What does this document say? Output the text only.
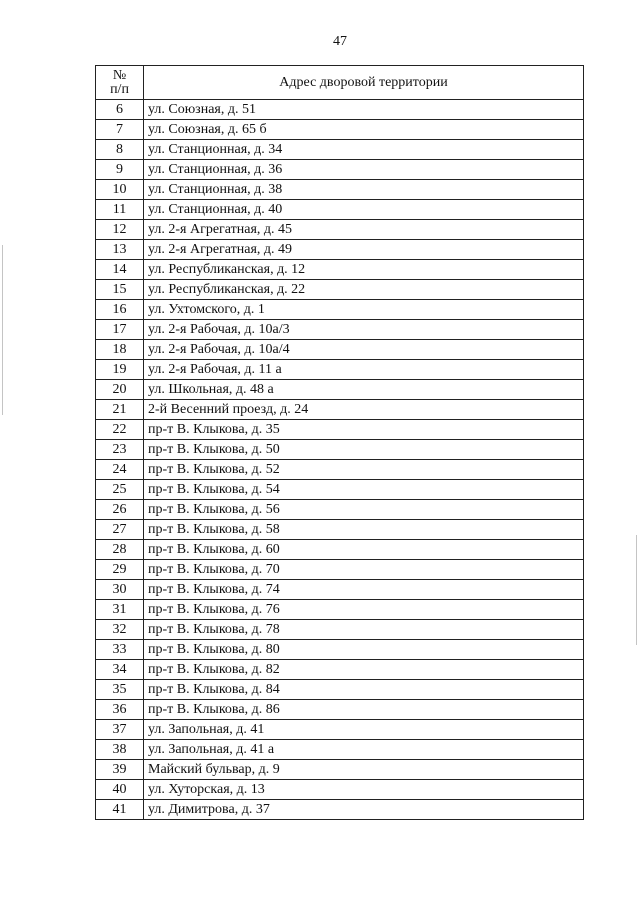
47
№
п/п	Адрес дворовой территории
6	ул. Союзная, д. 51
7	ул. Союзная, д. 65 б
8	ул. Станционная, д. 34
9	ул. Станционная, д. 36
10	ул. Станционная, д. 38
11	ул. Станционная, д. 40
12	ул. 2-я Агрегатная, д. 45
13	ул. 2-я Агрегатная, д. 49
14	ул. Республиканская, д. 12
15	ул. Республиканская, д. 22
16	ул. Ухтомского, д. 1
17	ул. 2-я Рабочая, д. 10а/3
18	ул. 2-я Рабочая, д. 10а/4
19	ул. 2-я Рабочая, д. 11 а
20	ул. Школьная, д. 48 а
21	2-й Весенний проезд, д. 24
22	пр-т В. Клыкова, д. 35
23	пр-т В. Клыкова, д. 50
24	пр-т В. Клыкова, д. 52
25	пр-т В. Клыкова, д. 54
26	пр-т В. Клыкова, д. 56
27	пр-т В. Клыкова, д. 58
28	пр-т В. Клыкова, д. 60
29	пр-т В. Клыкова, д. 70
30	пр-т В. Клыкова, д. 74
31	пр-т В. Клыкова, д. 76
32	пр-т В. Клыкова, д. 78
33	пр-т В. Клыкова, д. 80
34	пр-т В. Клыкова, д. 82
35	пр-т В. Клыкова, д. 84
36	пр-т В. Клыкова, д. 86
37	ул. Запольная, д. 41
38	ул. Запольная, д. 41 а
39	Майский бульвар, д. 9
40	ул. Хуторская, д. 13
41	ул. Димитрова, д. 37
